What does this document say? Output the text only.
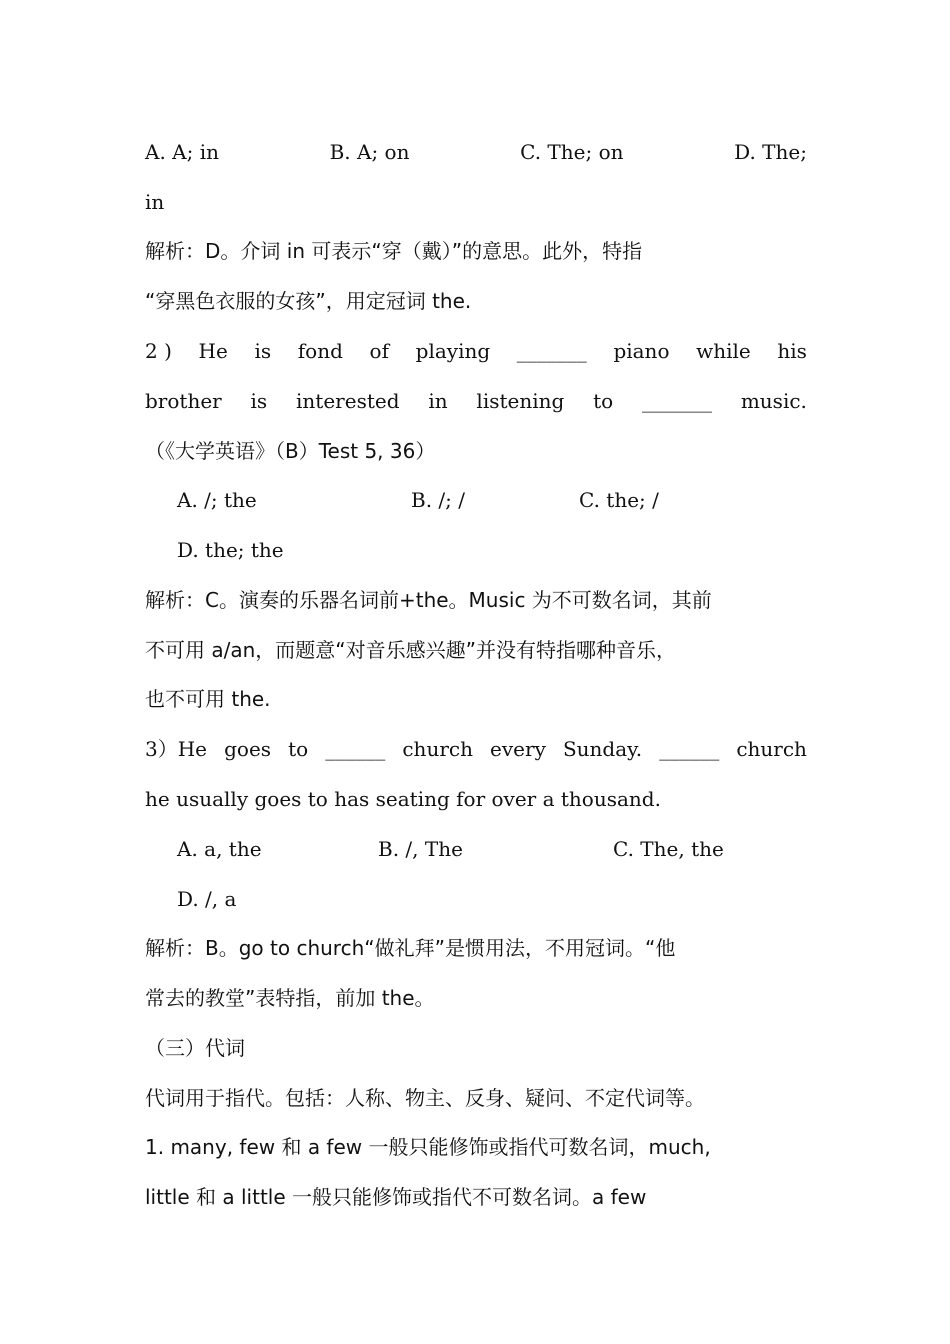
A. A; in	B. A; on	C. The; on	D. The;
in
解析：D。介词 in 可表示“穿（戴）”的意思。此外，特指
“穿黑色衣服的女孩”，用定冠词 the.
2 ) He is fond of playing _______ piano while his
brother is interested in listening to _______ music.
（《大学英语》（B）Test 5, 36）
A. /; the	B. /; /	C. the; /
D. the; the
解析：C。演奏的乐器名词前+the。Music 为不可数名词，其前
不可用 a/an，而题意“对音乐感兴趣”并没有特指哪种音乐，
也不可用 the.
3）He goes to ______ church every Sunday. ______ church
he usually goes to has seating for over a thousand.
A. a, the	B. /, The	C. The, the
D. /, a
解析：B。go to church“做礼拜”是惯用法，不用冠词。“他
常去的教堂”表特指，前加 the。
（三）代词
代词用于指代。包括：人称、物主、反身、疑问、不定代词等。
1. many, few 和 a few 一般只能修饰或指代可数名词，much,
little 和 a little 一般只能修饰或指代不可数名词。a few
